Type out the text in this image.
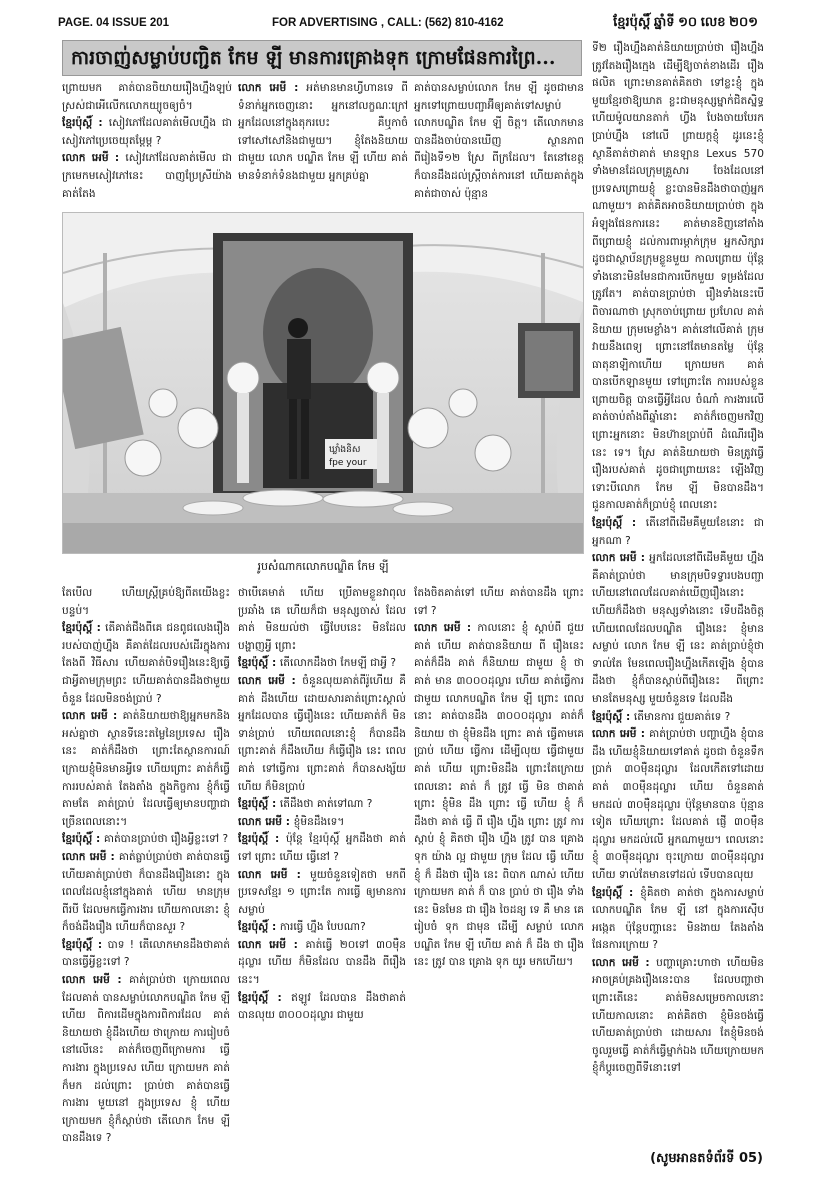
PAGE. 04 ISSUE 201	FOR ADVERTISING , CALL: (562) 810-4162	ខ្មែរប៉ុស្តិ៍ ឆ្នាំទី ១០ លេខ ២០១
ការចាញ់សម្លាប់បញ្ជិត កែម ឡី មានការគ្រោងទុក ក្រោមផែនការព្រៃ...

ព្រោយមក គាត់បានចិយាយរឿងហ្នឹងឡប់ ស្រស់ជាអើលើកលោកយ្យូចឲ្យចំ។

ខ្មែរប៉ុស្តិ៍ : សៀវភៅដែលគាត់មើលហ្នឹង ជាសៀវភៅប្រេចេយុតម្ដែម្ដ ?

លោក អេមី : សៀវភៅដែលគាត់មើល ជាក្រមេកមសៀវភៅនេះ បាញប្រែស្រីយ៉ាង គាត់តែង

លោក អេមី : អត់មានមានហ្វីហានទេ ពីទំនាក់អ្នកចេញនោះ អ្នកនៅលក្ខណៈក្រៅ អ្នកដែលនៅក្នុងតុករបេះ គឺឬកាចំទៅសៅសៅនិងជាមួយ។ ខ្ញុំតែងនិយាយ ជាមួយ លោក បណ្ឌិត កែម ឡី ហើយ គាត់មានទំនាក់ទំនងជាមួយ អ្នកគ្រប់គ្នា

គាត់បានសម្លាប់លោក កែម ឡី ដូចជាមានអ្នកទៅព្រោយបញ្ជាអ៊ីឲ្យគាត់ទៅសម្លាប់លោកបណ្ឌិត កែម ឡី ចិត្ត។ តើលោកមានបានដឹងចាប់បានឃើញ ស្ថានភាពពីរៀងទី១២ ស្រែ ពីក្រដែល។ តែនៅខេត្តក៏បានដឹងដល់ស្ត្រីចាត់ការនៅ ហើយគាត់ក្នុងគាត់ជាចាស់ ប៉ុន្មាន

ទី២ រឿងហ្នឹងគាត់និយាយប្រាប់ថា រឿងហ្នឹង ត្រូវតែងរឿងក្មេង ដើម្បីឱ្យចាត់ខាងដើរ រឿងផលិត ព្រោះមានគាត់គិតថា ទៅខ្លះខ្ញុំ ក្នុងមួយខ្មែរថាឱ្យឃាត ខ្លះជាមនុស្សម្នាក់ជិតស្និទ្ធ ហើយម៉ូលយានតាក់ ហ្វីង បែងចាយបែរក ប្រាប់ហ្នឹង នៅលើ ព្រាយក្ដខ្ញុំ ដូរនេះខ្ញុំស្ថានីតាត់ថាគាត់ មានឡាន Lexus 570 ទាំងមានដែលក្រុមគ្រួសារ ចែងដែលនៅ ប្រទេសព្រោយខ្ញុំ ខ្លះបានមិនដឹងថាបាញ់អ្នកណាមួយ។ គាត់គិតអាចនិយាយប្រាប់ថា ក្នុងអំឡុងផែនការនេះ គាត់មានខិញនៅតាំងពីព្រោយខ្ញុំ ដល់ការពារម្ដាក់ក្រុម អ្នកសិក្សារ ដូចជាស្ថាប័នក្រុមខ្លួនមួយ កាលព្រោយ ប៉ុន្តែទាំងនោះមិនមែនជាការបើកមួយ ទម្រង់ដែលត្រូវតែ។ គាត់បានប្រាប់ថា រឿងទាំងនេះបើពិចារណាថា ស្រុកចាប់ព្រោយ ប្រហែល គាត់និយាយ ក្រុមមេខ្លាំង។ គាត់នៅលើគាត់ ក្រុមវាយនឹងពេទ្យ ព្រោះនៅតែមានតម្លៃ ប៉ុន្តែ ធាតុនាឡិកាហើយ ក្រោយមក គាត់បានបើកឡានមួយ ទៅព្រោះតែ ការរបស់ខ្លួន ព្រោយចិត្ត បានធ្វើអ្វីដែល ចំណាំ ការងារលើ គាត់ចាប់តាំងពីឆ្នាំនោះ គាត់ក៏ចេញមកវិញ ព្រោះអ្នកនោះ មិនហ៊ានប្រាប់ពី ដំណើររឿងនេះ ទេ។ ស្រែ គាត់និយាយថា មិនត្រូវធ្វើរឿងរបស់គាត់ ដូចជាព្រោយនេះ ឡើងវិញ ទោះបីលោក កែម ឡី មិនបានដឹង។ ជួនកាលគាត់ក៏ប្រាប់ខ្ញុំ ពេលនោះ

ខ្មែរប៉ុស្តិ៍ : តើនៅពីដើមគឺមួយខែនោះ ជាអ្នកណា ?

លោក អេមី : អ្នកដែលនៅពីដើមគឺមួយ ហ្នឹង គឺគាត់ប្រាប់ថា មានក្រុមបិទទ្វារបងបញ្ជា ហើយនៅពេលដែលគាត់ឃើញរឿងនោះ ហើយក៏ដឹងថា មនុស្សទាំងនោះ ទើបដឹងចិត្ត ហើយពេលដែលបណ្ឌិត រឿងនេះ ខ្ញុំមានសម្លាប់ លោក កែម ឡី នេះ គាត់ប្រាប់ខ្ញុំថា ទាល់តែ មែនពេលរឿងហ្នឹងកើតឡើង ខ្ញុំបានដឹងថា ខ្ញុំក៏បានស្ដាប់ពីរឿងនេះ ពីព្រោះមានតែមនុស្ស មួយចំនួនទេ ដែលដឹង

ខ្មែរប៉ុស្តិ៍ : តើមានការ ជួយគាត់ទេ ?

លោក អេមី : គាត់ប្រាប់ថា បញ្ហាហ្នឹង ខ្ញុំបានដឹង ហើយខ្ញុំនិយាយទៅគាត់ ដូចជា ចំនួនទឹកប្រាក់ ៣០ម៉ឺនដុល្លារ ដែលកើតទៅដោយ គាត់ ៣០ម៉ឺនដុល្លារ ហើយ ចំនួនគាត់ មកដល់ ៣០ម៉ឺនដុល្លារ ប៉ុន្តែមានបាន ប៉ុន្មានទៀត ហើយព្រោះ ដែលគាត់ ផ្ញើ ៣០ម៉ឺនដុល្លារ មកដល់លើ អ្នកណាមួយ។ ពេលនោះខ្ញុំ ៣០ម៉ឺនដុល្លារ ចុះក្រោយ ៣០ម៉ឺនដុល្លារ ហើយ ទាល់តែមានទៅដល់ ទើបបានលុយ

ខ្មែរប៉ុស្តិ៍ : ខ្ញុំគិតថា គាត់ថា ក្នុងការសម្លាប់លោកបណ្ឌិត កែម ឡី នៅ ក្នុងការស៊ើបអង្កេត ប៉ុន្តែបញ្ហានេះ មិនងាយ តែងតាំងផែនការក្រោយ ?

លោក អេមី : បញ្ហាគ្រោះហាថា ហើយមិនអាចគ្រប់គ្រងរឿងនេះបាន ដែលបញ្ហាថា ព្រោះតើនេះ គាត់មិនសម្រេចកាលនោះ ហើយកាលនោះ គាត់គិតថា ខ្ញុំមិនចង់ធ្វើ ហើយគាត់ប្រាប់ថា ដោយសារ តែខ្ញុំមិនចង់ចូលរួមធ្វើ គាត់ក៏ធ្វើម្នាក់ឯង ហើយក្រោយមក ខ្ញុំក៏ប្ដូរចេញពីទីនោះទៅ

ឃ្លាំងនិស
fpe your
រូបសំណាកលោកបណ្ឌិត កែម ឡី

តែបើល ហើយស្ត្រីគ្រប់ឱ្យពីតយើងខ្ចះ បន្ទប់។

ខ្មែរប៉ុស្តិ៍ : តើគាត់ជឹងពីគេ ជនពូជលេងរឿង របស់បាញ់ហ្នឹង គឺគាត់ដែលរបស់ដើរក្នុងការតែងពី វិធីសារ ហើយគាត់បិទរឿងនេះឱ្យធ្វើជាអ្វីតាមក្រុមព្រះ ហើយគាត់បានដឹងថាមួយចំនួន ដែលមិនចង់ប្រាប់ ?

លោក អេមី : គាត់និយាយថាឱ្យអ្នកមកនិង អស់គ្នាថា ស្ថានទីនេះតម្លៃនៃប្រទេស រឿងនេះ គាត់ក៏ដឹងថា ព្រោះតែស្ថានការណ៍ ក្រោយខ្ញុំមិនមានអ្វីទេ ហើយព្រោះ គាត់ក៏ធ្វើការរបស់គាត់ តែងតាំង ក្នុងកិច្ចការ ខ្ញុំក៏ធ្វើតាមតែ គាត់ប្រាប់ ដែលធ្វើឲ្យមានបញ្ហាជាច្រើនពេលនោះ។

ខ្មែរប៉ុស្តិ៍ : គាត់បានប្រាប់ថា រឿងអ្វីខ្លះទៅ ?

លោក អេមី : គាត់ធ្លាប់ប្រាប់ថា គាត់បានធ្វើ ហើយគាត់ប្រាប់ថា ក៏បានដឹងរឿងនោះ ក្នុងពេលដែលខ្ញុំនៅក្នុងគាត់ ហើយ មានក្រុមពីរបី ដែលមកធ្វើការងារ ហើយកាលនោះ ខ្ញុំក៏ចង់ដឹងរឿង ហើយក៏បានសួរ ?

ខ្មែរប៉ុស្តិ៍ : បាទ ! តើលោកមានដឹងថាគាត់ បានធ្វើអ្វីខ្លះទៅ ?

លោក អេមី : គាត់ប្រាប់ថា ក្រោយពេលដែលគាត់ បានសម្លាប់លោកបណ្ឌិត កែម ឡី ហើយ ពិការដើមក្នុងការពិការដែល គាត់និយាយថា ខ្ញុំដឹងហើយ ថាក្រោយ ការរៀបចំនៅលើនេះ គាត់ក៏ចេញពីក្រោមការ ធ្វើការងារ ក្នុងប្រទេស ហើយ ក្រោយមក គាត់ក៏មក ដល់ព្រោះ ប្រាប់ថា គាត់បានធ្វើការងារ មួយនៅ ក្នុងប្រទេស ខ្ញុំ ហើយ ក្រោយមក ខ្ញុំក៏ស្ដាប់ថា តើលោក កែម ឡី បានដឹងទេ ?

ថាបើគេមាត់ ហើយ ប្រើតាមខ្លួនវាពុលប្រឆាំង គេ ហើយក៏ជា មនុស្សចាស់ ដែលគាត់ មិនយល់ថា ធ្វើបែបនេះ មិនដែលបង្ហាញអ្វី ព្រោះ

ខ្មែរប៉ុស្តិ៍ : តើលោកដឹងថា កែមឡី ជាអ្វី ?

លោក អេមី : ចំនួនលុយគាត់ពីរ៉ូហើយ គឺគាត់ ដឹងហើយ ដោយសារគាត់ព្រោះស្គាល់អ្នកដែលបាន ធ្វើរឿងនេះ ហើយគាត់ក៏ មិនទាន់ប្រាប់ ហើយពេលនោះខ្ញុំ ក៏បានដឹង ព្រោះគាត់ ក៏ដឹងហើយ ក៏ធ្វើរឿង នេះ ពេលគាត់ ទៅធ្វើការ ព្រោះគាត់ ក៏បានសង្ស័យ ហើយ ក៏មិនប្រាប់

ខ្មែរប៉ុស្តិ៍ : តើដឹងថា គាត់ទៅណា ?

លោក អេមី : ខ្ញុំមិនដឹងទេ។

ខ្មែរប៉ុស្តិ៍ : ប៉ុន្តែ ខ្មែរប៉ុស្តិ៍ អ្នកដឹងថា គាត់ ទៅ ព្រោះ ហើយ ធ្វើនៅ ?

លោក អេមី : មួយចំនួនទៀតថា មកពី ប្រទេសខ្មែរ ១ ព្រោះតែ ការធ្វើ ឲ្យមានការសម្លាប់

ខ្មែរប៉ុស្តិ៍ : ការធ្វើ ហ្នឹង បែបណា?

លោក អេមី : គាត់ធ្វើ ២០ទៅ ៣០ម៉ឺនដុល្លារ ហើយ ក៏មិនដែល បានដឹង ពីរឿងនេះ។

ខ្មែរប៉ុស្តិ៍ : ឥឡូវ ដែលបាន ដឹងថាគាត់ បានលុយ ៣០០០ដុល្លារ ជាមួយ

តែងចិតគាត់ទៅ ហើយ គាត់បានដឹង ព្រោះ ទៅ ?

លោក អេមី : កាលនោះ ខ្ញុំ ស្ដាប់ពី ជួយគាត់ ហើយ គាត់បាននិយាយ ពី រឿងនេះ គាត់ក៏ដឹង គាត់ ក៏និយាយ ជាមួយ ខ្ញុំ ថា គាត់ មាន ៣០០០ដុល្លារ ហើយ គាត់ធ្វើការ ជាមួយ លោកបណ្ឌិត កែម ឡី ព្រោះ ពេលនោះ គាត់បានដឹង ៣០០០ដុល្លារ គាត់ក៏និយាយ ថា ខ្ញុំមិនដឹង ព្រោះ គាត់ ធ្វើតាមគេប្រាប់ ហើយ ធ្វើការ ដើម្បីលុយ ធ្វើជាមួយ គាត់ ហើយ ព្រោះមិនដឹង ព្រោះតែក្រោយពេលនោះ គាត់ ក៏ ត្រូវ ធ្វើ មិន ថាគាត់ ព្រោះ ខ្ញុំមិន ដឹង ព្រោះ ធ្វើ ហើយ ខ្ញុំ ក៏ដឹងថា គាត់ ធ្វើ ពី រឿង ហ្នឹង ព្រោះ ត្រូវ ការ ស្ដាប់ ខ្ញុំ គិតថា រឿង ហ្នឹង ត្រូវ បាន គ្រោង ទុក យ៉ាង ល្អ ជាមួយ ក្រុម ដែល ធ្វើ ហើយ ខ្ញុំ ក៏ ដឹងថា រឿង នេះ ពិបាក ណាស់ ហើយ ក្រោយមក គាត់ ក៏ បាន ប្រាប់ ថា រឿង ទាំងនេះ មិនមែន ជា រឿង ចៃដន្យ ទេ គឺ មាន គេ រៀបចំ ទុក ជាមុន ដើម្បី សម្លាប់ លោកបណ្ឌិត កែម ឡី ហើយ គាត់ ក៏ ដឹង ថា រឿង នេះ ត្រូវ បាន គ្រោង ទុក យូរ មកហើយ។

(សូមអានតទំព័រទី 05)
